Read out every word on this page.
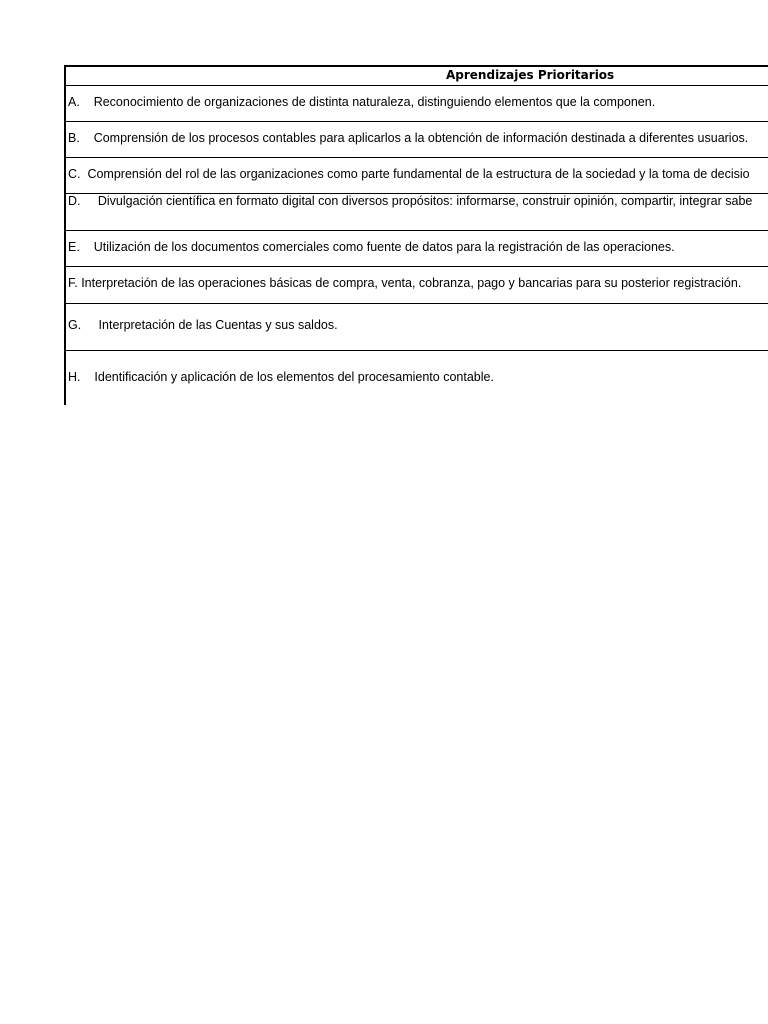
Aprendizajes Prioritarios
A.    Reconocimiento de organizaciones de distinta naturaleza, distinguiendo elementos que la componen.
B.    Comprensión de los procesos contables para aplicarlos a la obtención de información destinada a diferentes usuarios.
C.  Comprensión del rol de las organizaciones como parte fundamental de la estructura de la sociedad y la toma de decisio
D.     Divulgación científica en formato digital con diversos propósitos: informarse, construir opinión, compartir, integrar sabe
E.    Utilización de los documentos comerciales como fuente de datos para la registración de las operaciones.
F. Interpretación de las operaciones básicas de compra, venta, cobranza, pago y bancarias para su posterior registración.
G.     Interpretación de las Cuentas y sus saldos.
H.    Identificación y aplicación de los elementos del procesamiento contable.
